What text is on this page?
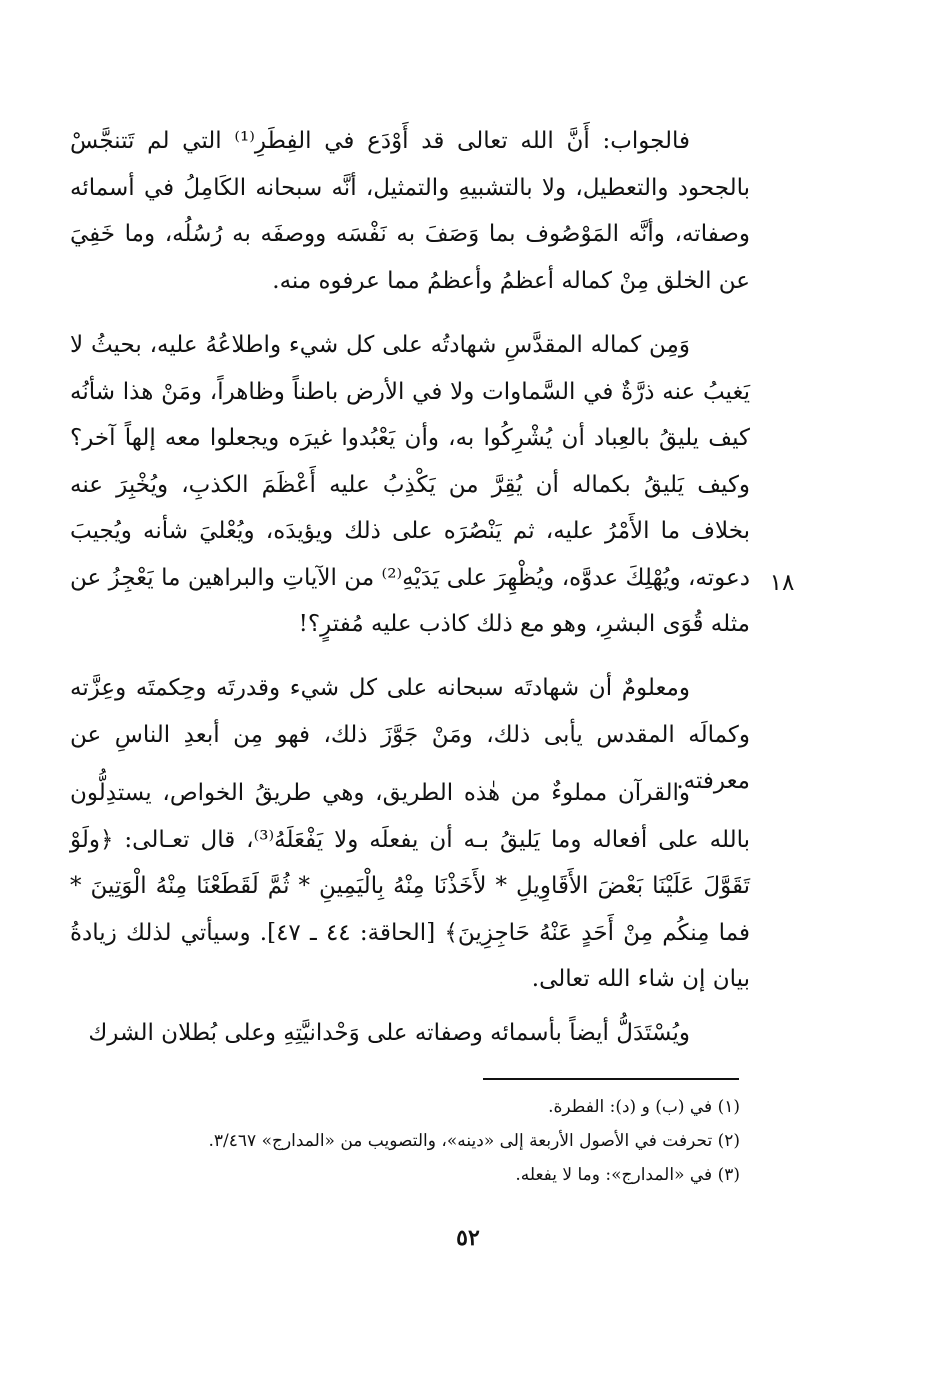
فالجواب: أَنَّ الله تعالى قد أَوْدَع في الفِطَرِ⁽¹⁾ التي لم تَتنجَّسْ بالجحود والتعطيل، ولا بالتشبيهِ والتمثيل، أنَّه سبحانه الكَامِلُ في أسمائه وصفاته، وأنَّه المَوْصُوف بما وَصَفَ به نَفْسَه ووصفَه به رُسُلُه، وما خَفِيَ عن الخلق مِنْ كماله أعظمُ وأعظمُ مما عرفوه منه.

وَمِن كماله المقدَّسِ شهادتُه على كل شيء واطلاعُهُ عليه، بحيثُ لا يَغيبُ عنه ذرَّةٌ في السَّماوات ولا في الأرض باطناً وظاهراً، ومَنْ هذا شأنُه كيف يليقُ بالعِباد أن يُشْرِكُوا به، وأن يَعْبُدوا غيرَه ويجعلوا معه إلهاً آخر؟ وكيف يَليقُ بكماله أن يُقِرَّ من يَكْذِبُ عليه أَعْظَمَ الكذبِ، ويُخْبِرَ عنه بخلاف ما الأَمْرُ عليه، ثم يَنْصُرَه على ذلك ويؤيدَه، ويُعْليَ شأنه ويُجيبَ دعوته، ويُهْلِكَ عدوَّه، ويُظْهِرَ على يَدَيْهِ⁽²⁾ من الآياتِ والبراهين ما يَعْجِزُ عن مثله قُوَى البشرِ، وهو مع ذلك كاذب عليه مُفترٍ؟!

١٨

ومعلومٌ أن شهادتَه سبحانه على كل شيء وقدرتَه وحِكمتَه وعِزَّته وكمالَه المقدس يأبى ذلك، ومَنْ جَوَّزَ ذلك، فهو مِن أبعدِ الناسِ عن معرفته.

والقرآن مملوءٌ من هٰذه الطريق، وهي طريقُ الخواص، يستدِلُّون بالله على أفعاله وما يَليقُ بـه أن يفعلَه ولا يَفْعَلَهُ⁽³⁾، قال تعـالى: ﴿ولَوْ تَقَوَّلَ عَلَيْنَا بَعْضَ الأَقَاوِيلِ * لأَخَذْنَا مِنْهُ بِالْيَمِينِ * ثُمَّ لَقَطَعْنَا مِنْهُ الْوَتِينَ * فما مِنكُم مِنْ أَحَدٍ عَنْهُ حَاجِزِينَ﴾ [الحاقة: ٤٤ ـ ٤٧]. وسيأتي لذلك زيادةُ بيان إن شاء الله تعالى.

ويُسْتَدَلُّ أيضاً بأسمائه وصفاته على وَحْدانيَّتِهِ وعلى بُطلان الشرك

(١) في (ب) و (د): الفطرة.

(٢) تحرفت في الأصول الأربعة إلى «دينه»، والتصويب من «المدارج» ٣/٤٦٧.

(٣) في «المدارج»: وما لا يفعله.

٥٢
